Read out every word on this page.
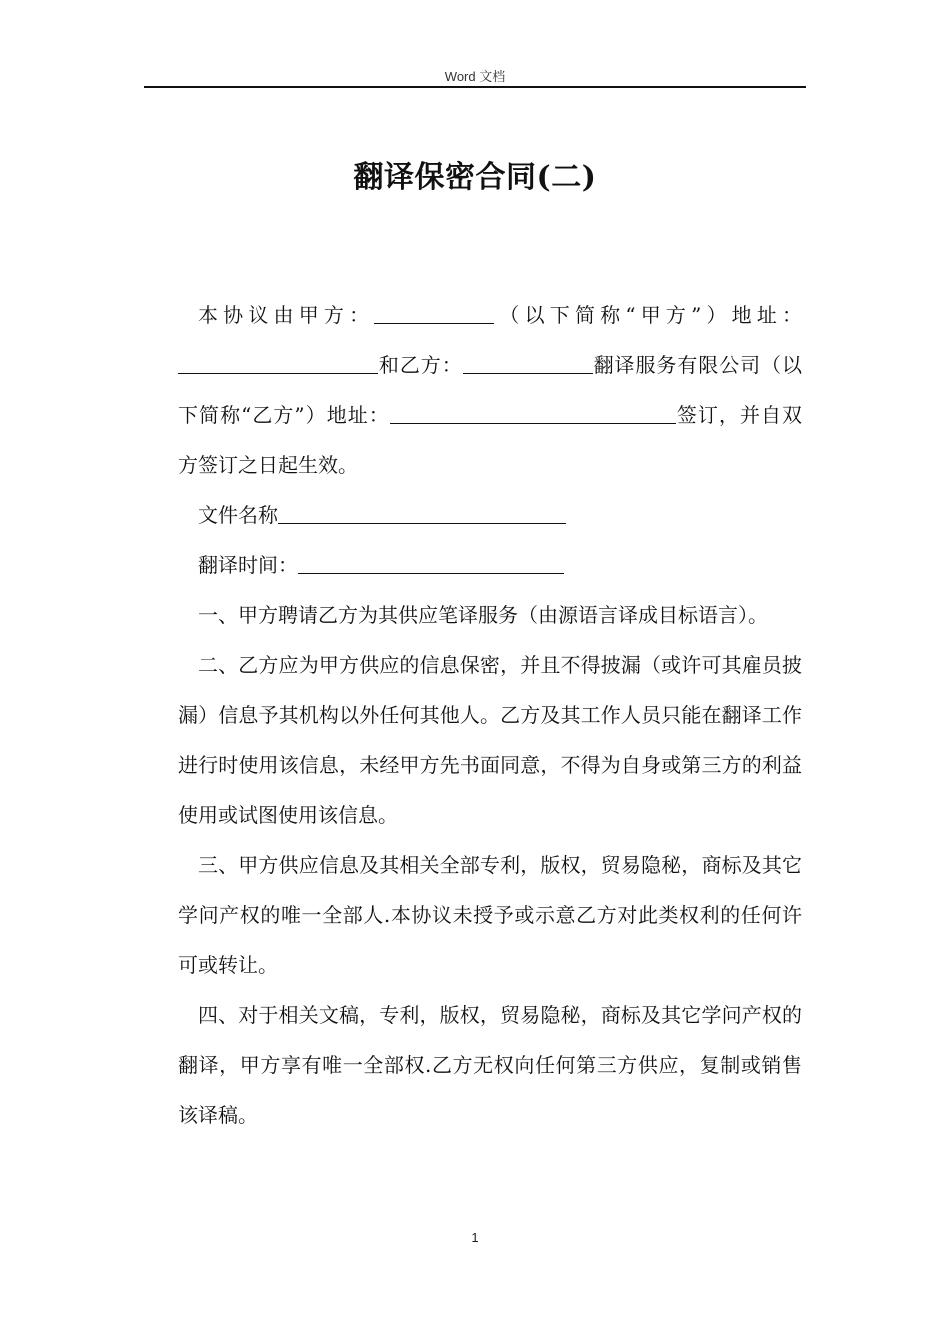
Word 文档
翻译保密合同(二)

本协议由甲方：	（以下简称“甲方”）地址：和乙方：	翻译服务有限公司（以下简称“乙方”）地址：	签订，并自双方签订之日起生效。

文件名称

翻译时间：

一、甲方聘请乙方为其供应笔译服务（由源语言译成目标语言）。

二、乙方应为甲方供应的信息保密，并且不得披漏（或许可其雇员披漏）信息予其机构以外任何其他人。乙方及其工作人员只能在翻译工作进行时使用该信息，未经甲方先书面同意，不得为自身或第三方的利益使用或试图使用该信息。

三、甲方供应信息及其相关全部专利，版权，贸易隐秘，商标及其它学问产权的唯一全部人.本协议未授予或示意乙方对此类权利的任何许可或转让。

四、对于相关文稿，专利，版权，贸易隐秘，商标及其它学问产权的翻译，甲方享有唯一全部权.乙方无权向任何第三方供应，复制或销售该译稿。

1
